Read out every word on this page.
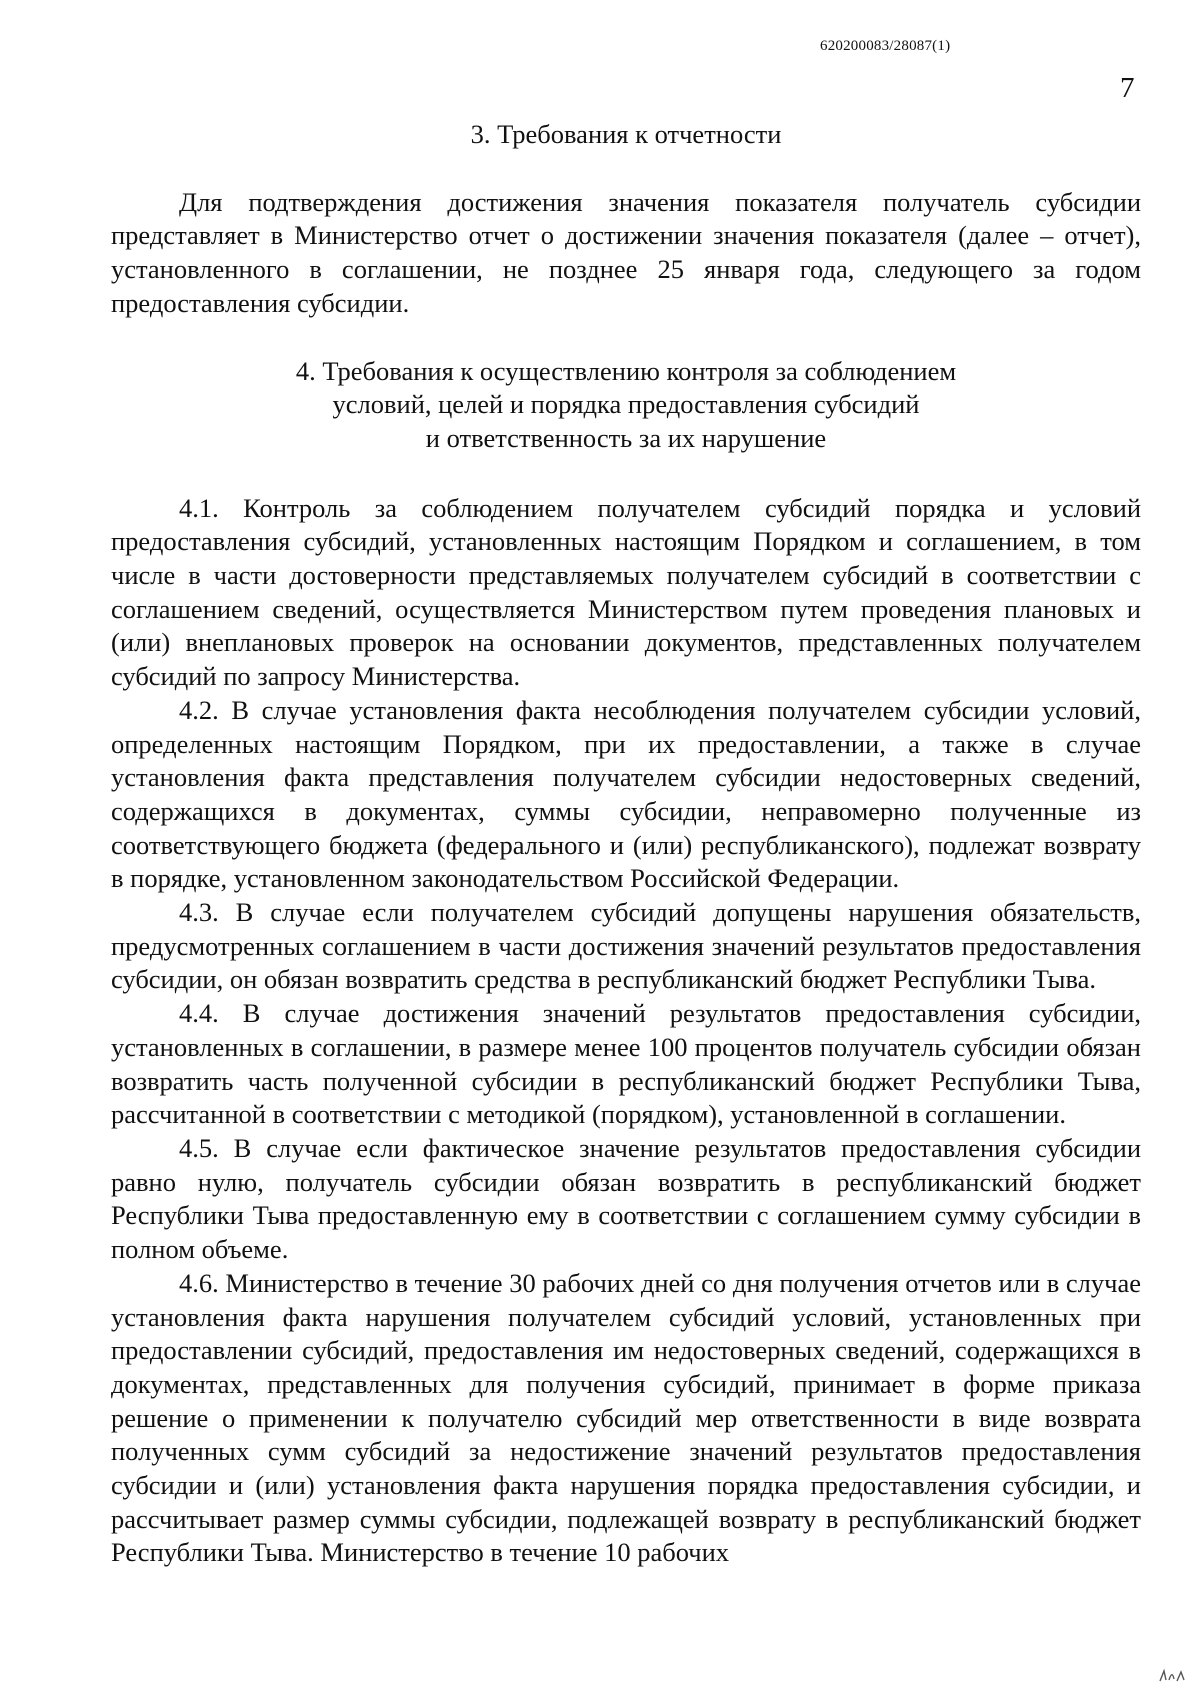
620200083/28087(1)
7

3. Требования к отчетности

Для подтверждения достижения значения показателя получатель субсидии представляет в Министерство отчет о достижении значения показателя (далее – отчет), установленного в соглашении, не позднее 25 января года, следующего за годом предоставления субсидии.

4. Требования к осуществлению контроля за соблюдением
условий, целей и порядка предоставления субсидий
и ответственность за их нарушение

4.1. Контроль за соблюдением получателем субсидий порядка и условий предоставления субсидий, установленных настоящим Порядком и соглашением, в том числе в части достоверности представляемых получателем субсидий в соответствии с соглашением сведений, осуществляется Министерством путем проведения плановых и (или) внеплановых проверок на основании документов, представленных получателем субсидий по запросу Министерства.

4.2. В случае установления факта несоблюдения получателем субсидии условий, определенных настоящим Порядком, при их предоставлении, а также в случае установления факта представления получателем субсидии недостоверных сведений, содержащихся в документах, суммы субсидии, неправомерно полученные из соответствующего бюджета (федерального и (или) республиканского), подлежат возврату в порядке, установленном законодательством Российской Федерации.

4.3. В случае если получателем субсидий допущены нарушения обязательств, предусмотренных соглашением в части достижения значений результатов предоставления субсидии, он обязан возвратить средства в республиканский бюджет Республики Тыва.

4.4. В случае достижения значений результатов предоставления субсидии, установленных в соглашении, в размере менее 100 процентов получатель субсидии обязан возвратить часть полученной субсидии в республиканский бюджет Республики Тыва, рассчитанной в соответствии с методикой (порядком), установленной в соглашении.

4.5. В случае если фактическое значение результатов предоставления субсидии равно нулю, получатель субсидии обязан возвратить в республиканский бюджет Республики Тыва предоставленную ему в соответствии с соглашением сумму субсидии в полном объеме.

4.6. Министерство в течение 30 рабочих дней со дня получения отчетов или в случае установления факта нарушения получателем субсидий условий, установленных при предоставлении субсидий, предоставления им недостоверных сведений, содержащихся в документах, представленных для получения субсидий, принимает в форме приказа решение о применении к получателю субсидий мер ответственности в виде возврата полученных сумм субсидий за недостижение значений результатов предоставления субсидии и (или) установления факта нарушения порядка предоставления субсидии, и рассчитывает размер суммы субсидии, подлежащей возврату в республиканский бюджет Республики Тыва. Министерство в течение 10 рабочих
